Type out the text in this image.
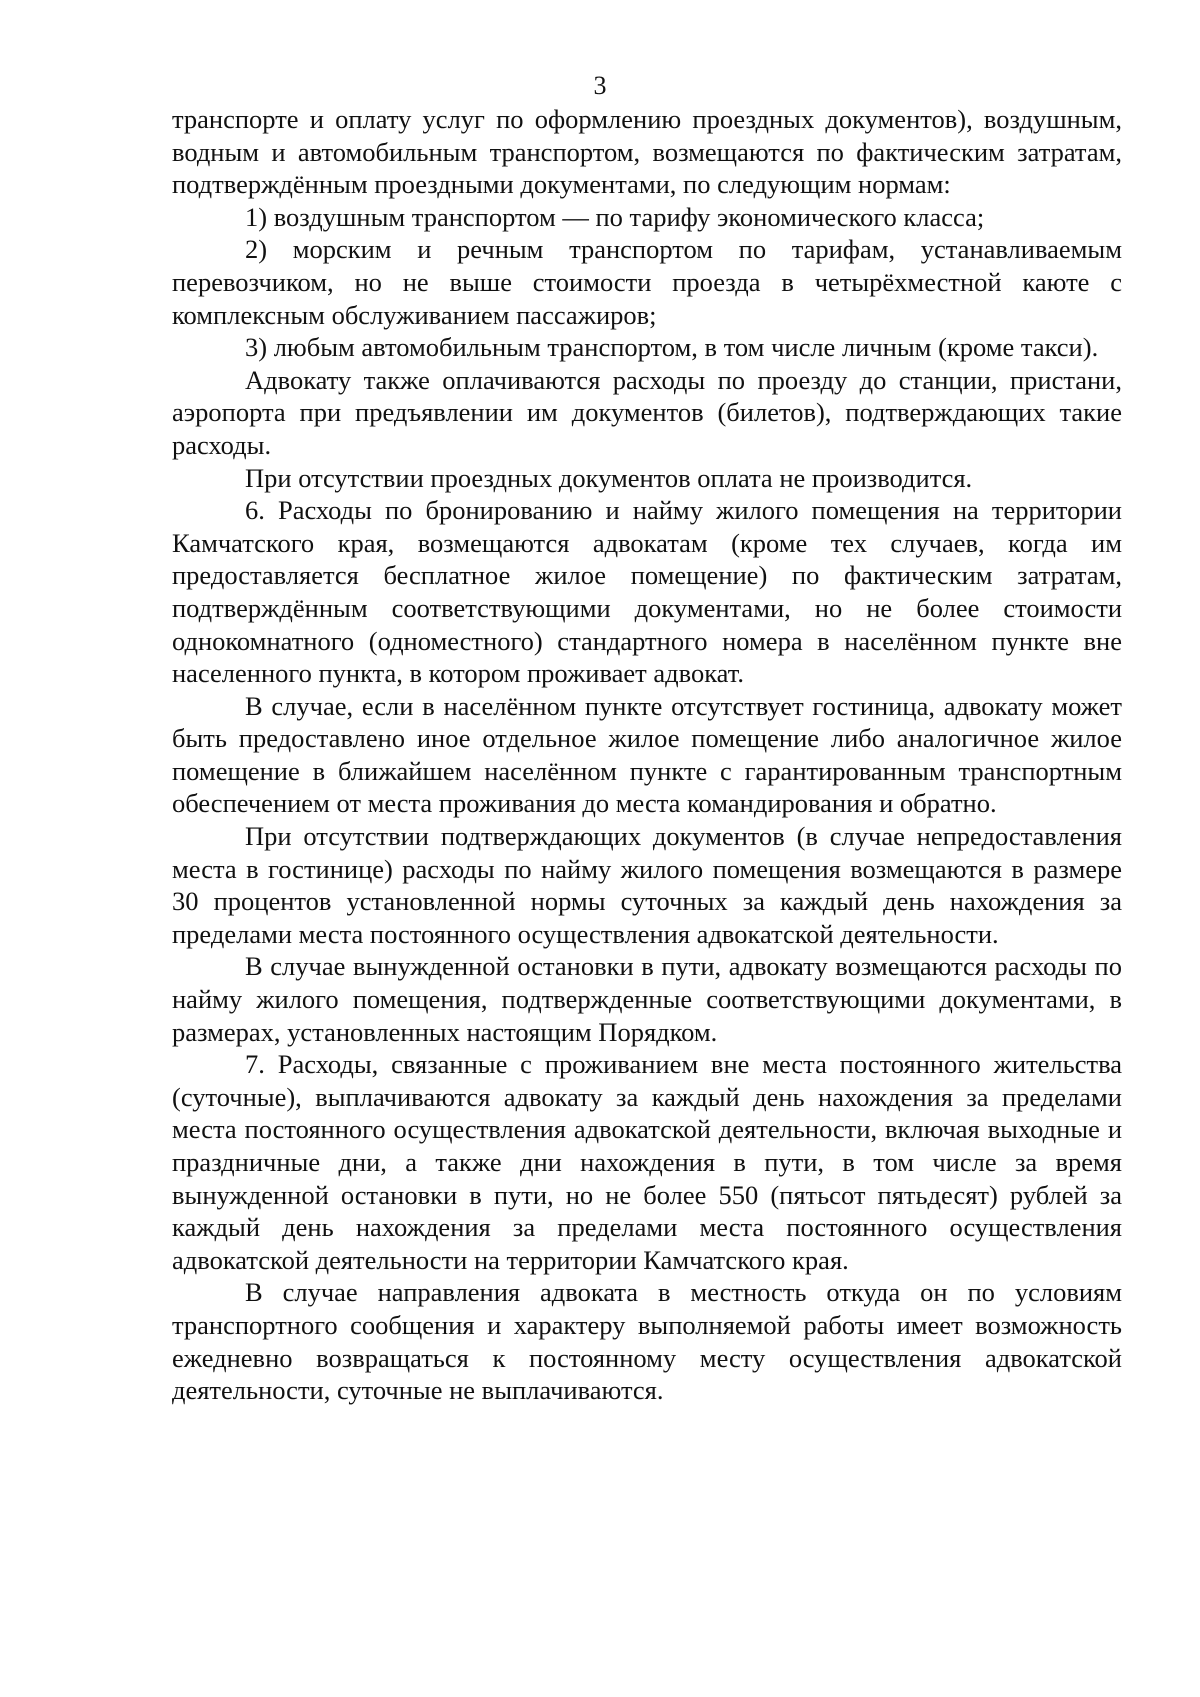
3

транспорте и оплату услуг по оформлению проездных документов), воздушным, водным и автомобильным транспортом, возмещаются по фактическим затратам, подтверждённым проездными документами, по следующим нормам:

1) воздушным транспортом — по тарифу экономического класса;

2) морским и речным транспортом по тарифам, устанавливаемым перевозчиком, но не выше стоимости проезда в четырёхместной каюте с комплексным обслуживанием пассажиров;

3) любым автомобильным транспортом, в том числе личным (кроме такси).

Адвокату также оплачиваются расходы по проезду до станции, пристани, аэропорта при предъявлении им документов (билетов), подтверждающих такие расходы.

При отсутствии проездных документов оплата не производится.

6. Расходы по бронированию и найму жилого помещения на территории Камчатского края, возмещаются адвокатам (кроме тех случаев, когда им предоставляется бесплатное жилое помещение) по фактическим затратам, подтверждённым соответствующими документами, но не более стоимости однокомнатного (одноместного) стандартного номера в населённом пункте вне населенного пункта, в котором проживает адвокат.

В случае, если в населённом пункте отсутствует гостиница, адвокату может быть предоставлено иное отдельное жилое помещение либо аналогичное жилое помещение в ближайшем населённом пункте с гарантированным транспортным обеспечением от места проживания до места командирования и обратно.

При отсутствии подтверждающих документов (в случае непредоставления места в гостинице) расходы по найму жилого помещения возмещаются в размере 30 процентов установленной нормы суточных за каждый день нахождения за пределами места постоянного осуществления адвокатской деятельности.

В случае вынужденной остановки в пути, адвокату возмещаются расходы по найму жилого помещения, подтвержденные соответствующими документами, в размерах, установленных настоящим Порядком.

7. Расходы, связанные с проживанием вне места постоянного жительства (суточные), выплачиваются адвокату за каждый день нахождения за пределами места постоянного осуществления адвокатской деятельности, включая выходные и праздничные дни, а также дни нахождения в пути, в том числе за время вынужденной остановки в пути, но не более 550 (пятьсот пятьдесят) рублей за каждый день нахождения за пределами места постоянного осуществления адвокатской деятельности на территории Камчатского края.

В случае направления адвоката в местность откуда он по условиям транспортного сообщения и характеру выполняемой работы имеет возможность ежедневно возвращаться к постоянному месту осуществления адвокатской деятельности, суточные не выплачиваются.
